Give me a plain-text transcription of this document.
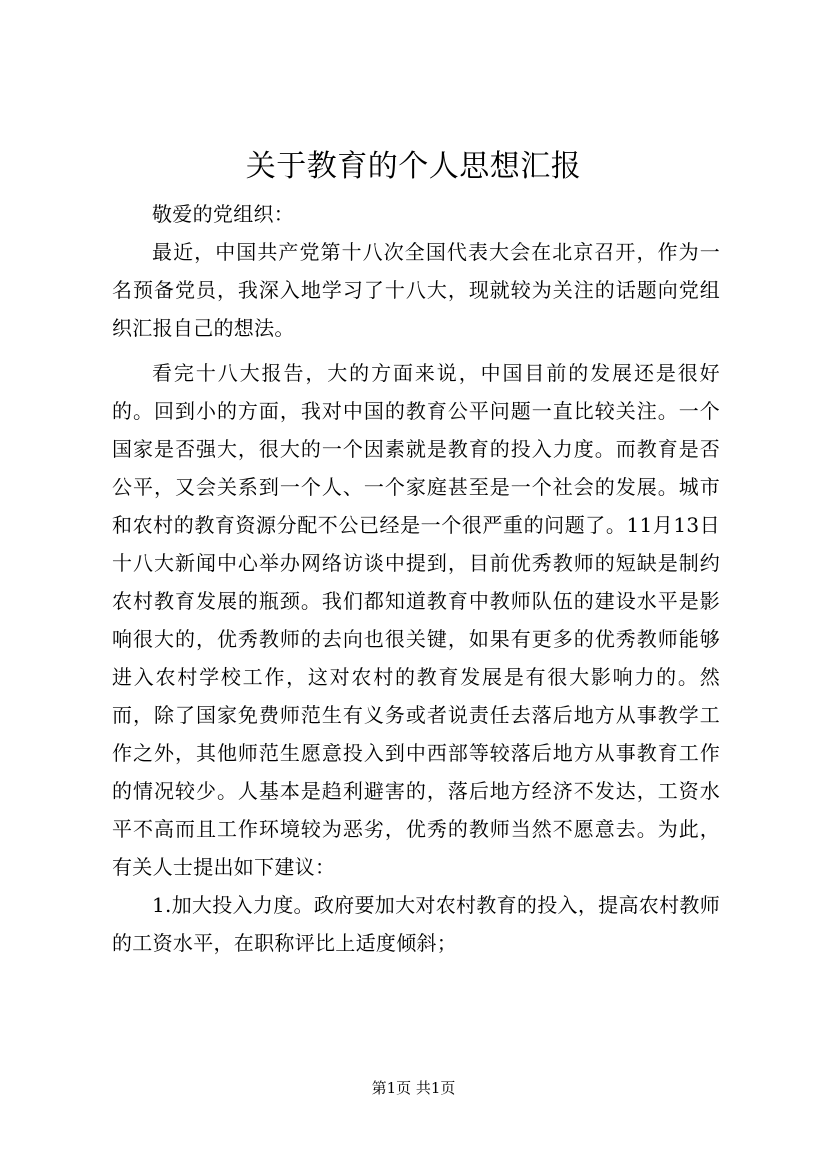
关于教育的个人思想汇报

敬爱的党组织：

最近，中国共产党第十八次全国代表大会在北京召开，作为一名预备党员，我深入地学习了十八大，现就较为关注的话题向党组织汇报自己的想法。

看完十八大报告，大的方面来说，中国目前的发展还是很好的。回到小的方面，我对中国的教育公平问题一直比较关注。一个国家是否强大，很大的一个因素就是教育的投入力度。而教育是否公平，又会关系到一个人、一个家庭甚至是一个社会的发展。城市和农村的教育资源分配不公已经是一个很严重的问题了。11月13日十八大新闻中心举办网络访谈中提到，目前优秀教师的短缺是制约农村教育发展的瓶颈。我们都知道教育中教师队伍的建设水平是影响很大的，优秀教师的去向也很关键，如果有更多的优秀教师能够进入农村学校工作，这对农村的教育发展是有很大影响力的。然而，除了国家免费师范生有义务或者说责任去落后地方从事教学工作之外，其他师范生愿意投入到中西部等较落后地方从事教育工作的情况较少。人基本是趋利避害的，落后地方经济不发达，工资水平不高而且工作环境较为恶劣，优秀的教师当然不愿意去。为此，有关人士提出如下建议：

1.加大投入力度。政府要加大对农村教育的投入，提高农村教师的工资水平，在职称评比上适度倾斜；

第1页 共1页
